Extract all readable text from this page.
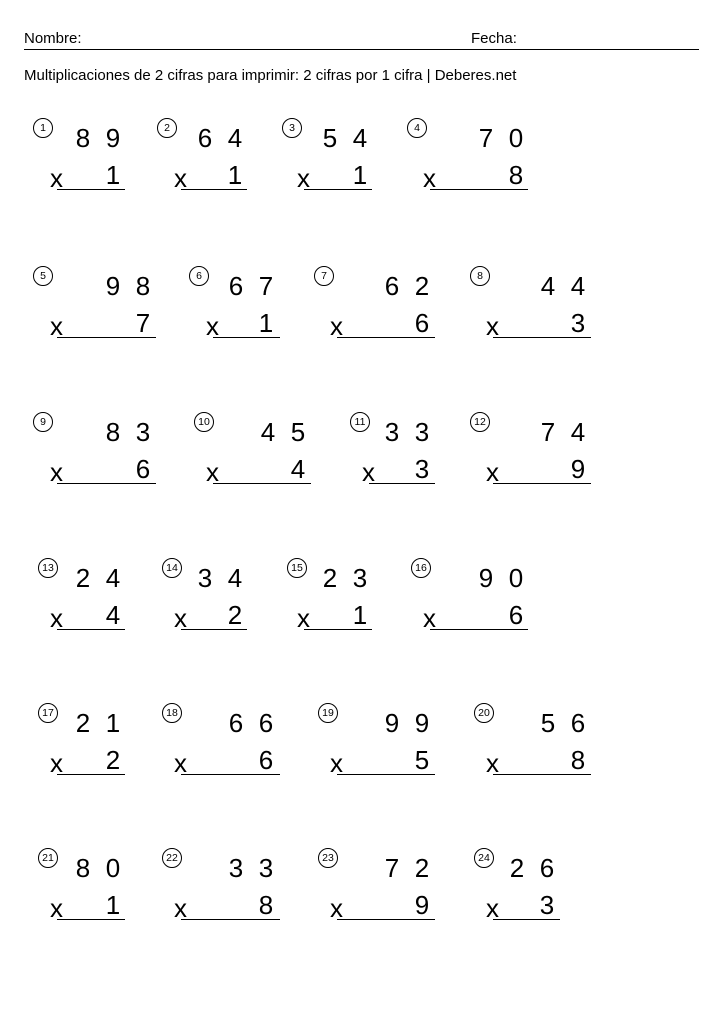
Nombre:	Fecha:
Multiplicaciones de 2 cifras para imprimir: 2 cifras por 1 cifra | Deberes.net
1 8 9
x 1
2 6 4
x 1
3 5 4
x 1
4 7 0
x	8
5 9 8
x	7
6 6 7
x 1
7 6 2
x	6
8 4 4
x	3
9 8 3
x	6
10 4 5
x	4
11 3 3
x 3
12 7 4
x	9
13 2 4
x 4
14 3 4
x 2
15 2 3
x 1
16 9 0
x	6
17 2 1
x 2
18 6 6
x	6
19 9 9
x	5
20 5 6
x	8
21 8 0
x 1
22 3 3
x	8
23 7 2
x	9
24 2 6
x 3
